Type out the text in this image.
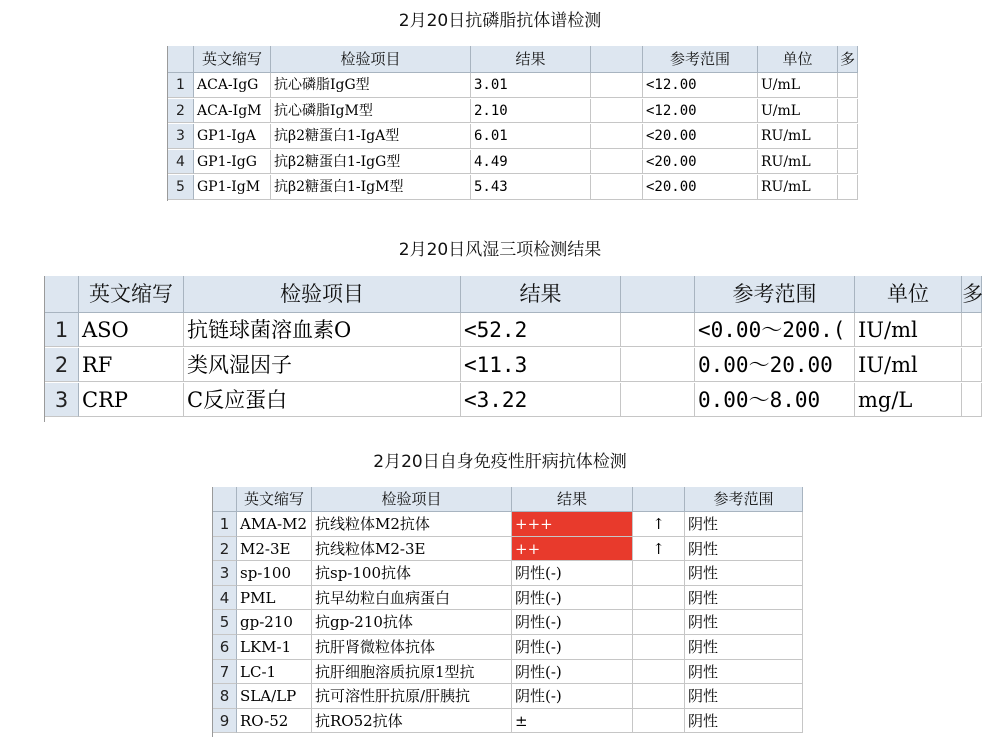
2月20日抗磷脂抗体谱检测
英文缩写	检验项目	结果	参考范围	单位	多
1 ACA-IgG	抗心磷脂IgG型	3.01	<12.00	U/mL
2 ACA-IgM 抗心磷脂IgM型	2.10	<12.00	U/mL
3 GP1-IgA	抗β2糖蛋白1-IgA型	6.01	<20.00	RU/mL
4 GP1-IgG	抗β2糖蛋白1-IgG型	4.49	<20.00	RU/mL
5 GP1-IgM 抗β2糖蛋白1-IgM型	5.43	<20.00	RU/mL
2月20日风湿三项检测结果
英文缩写	检验项目	结果	参考范围	单位	多
1 ASO	抗链球菌溶血素O	<52.2	<0.00～200.( IU/ml
2 RF	类风湿因子	<11.3	0.00～20.00	IU/ml
3 CRP	C反应蛋白	<3.22	0.00～8.00	mg/L
2月20日自身免疫性肝病抗体检测
英文缩写	检验项目	结果	参考范围
1 AMA-M2 抗线粒体M2抗体	+++	↑	阴性
2 M2-3E	抗线粒体M2-3E	++	↑	阴性
3 sp-100	抗sp-100抗体	阴性(-)	阴性
4 PML	抗早幼粒白血病蛋白	阴性(-)	阴性
5 gp-210	抗gp-210抗体	阴性(-)	阴性
6 LKM-1	抗肝肾微粒体抗体	阴性(-)	阴性
7 LC-1	抗肝细胞溶质抗原1型抗	阴性(-)	阴性
8 SLA/LP	抗可溶性肝抗原/肝胰抗	阴性(-)	阴性
9 RO-52	抗RO52抗体	±	阴性
